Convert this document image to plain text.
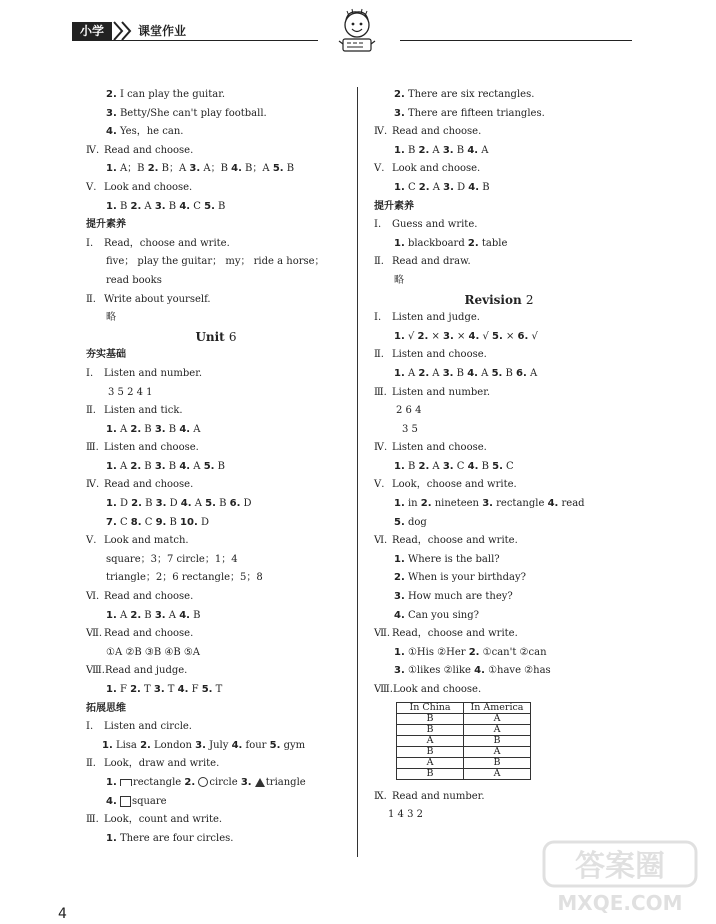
小学	课堂作业
2. I can play the guitar.
3. Betty/She can't play football.
4. Yes，he can.
Ⅳ. Read and choose.
1. A；B 2. B；A 3. A；B 4. B；A 5. B
Ⅴ. Look and choose.
1. B 2. A 3. B 4. C 5. B
提升素养
Ⅰ. Read，choose and write.
five； play the guitar； my； ride a horse；
read books
Ⅱ. Write about yourself.
略
Unit 6
夯实基础
Ⅰ. Listen and number.
3 5 2 4 1
Ⅱ. Listen and tick.
1. A 2. B 3. B 4. A
Ⅲ. Listen and choose.
1. A 2. B 3. B 4. A 5. B
Ⅳ. Read and choose.
1. D 2. B 3. D 4. A 5. B 6. D
7. C 8. C 9. B 10. D
Ⅴ. Look and match.
square；3；7 circle；1；4
triangle；2；6 rectangle；5；8
Ⅵ. Read and choose.
1. A 2. B 3. A 4. B
Ⅶ. Read and choose.
①A ②B ③B ④B ⑤A
Ⅷ.Read and judge.
1. F 2. T 3. T 4. F 5. T
拓展思维
Ⅰ. Listen and circle.
1. Lisa 2. London 3. July 4. four 5. gym
Ⅱ. Look，draw and write.
1. rectangle 2. circle 3. triangle
4. square
Ⅲ. Look，count and write.
1. There are four circles.
2. There are six rectangles.
3. There are fifteen triangles.
Ⅳ. Read and choose.
1. B 2. A 3. B 4. A
Ⅴ. Look and choose.
1. C 2. A 3. D 4. B
提升素养
Ⅰ. Guess and write.
1. blackboard 2. table
Ⅱ. Read and draw.
略
Revision 2
Ⅰ. Listen and judge.
1. √ 2. × 3. × 4. √ 5. × 6. √
Ⅱ. Listen and choose.
1. A 2. A 3. B 4. A 5. B 6. A
Ⅲ. Listen and number.
2 6 4
3 5
Ⅳ. Listen and choose.
1. B 2. A 3. C 4. B 5. C
Ⅴ. Look，choose and write.
1. in 2. nineteen 3. rectangle 4. read
5. dog
Ⅵ. Read，choose and write.
1. Where is the ball?
2. When is your birthday?
3. How much are they?
4. Can you sing?
Ⅶ. Read，choose and write.
1. ①His ②Her 2. ①can't ②can
3. ①likes ②like 4. ①have ②has
Ⅷ.Look and choose.
In China	In America
B	A
B	A
A	B
B	A
A	B
B	A
Ⅸ. Read and number.
1 4 3 2
4
答案圈
MXQE.COM
